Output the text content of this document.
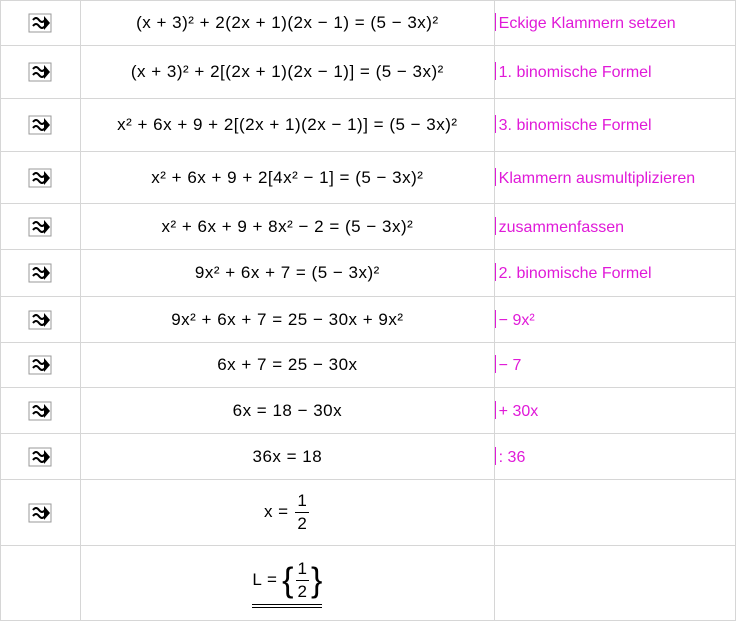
	(x + 3)² + 2(2x + 1)(2x − 1) = (5 − 3x)²	Eckige Klammern setzen
	(x + 3)² + 2[(2x + 1)(2x − 1)] = (5 − 3x)²	1. binomische Formel
	x² + 6x + 9 + 2[(2x + 1)(2x − 1)] = (5 − 3x)²	3. binomische Formel
	x² + 6x + 9 + 2[4x² − 1] = (5 − 3x)²	Klammern ausmultiplizieren
	x² + 6x + 9 + 8x² − 2 = (5 − 3x)²	zusammenfassen
	9x² + 6x + 7 = (5 − 3x)²	2. binomische Formel
	9x² + 6x + 7 = 25 − 30x + 9x²	− 9x²
	6x + 7 = 25 − 30x	− 7
	6x = 18 − 30x	+ 30x
	36x = 18	: 36
	$x = \frac{1}{2}$

	L = { $\frac{1}{2}$ }	
